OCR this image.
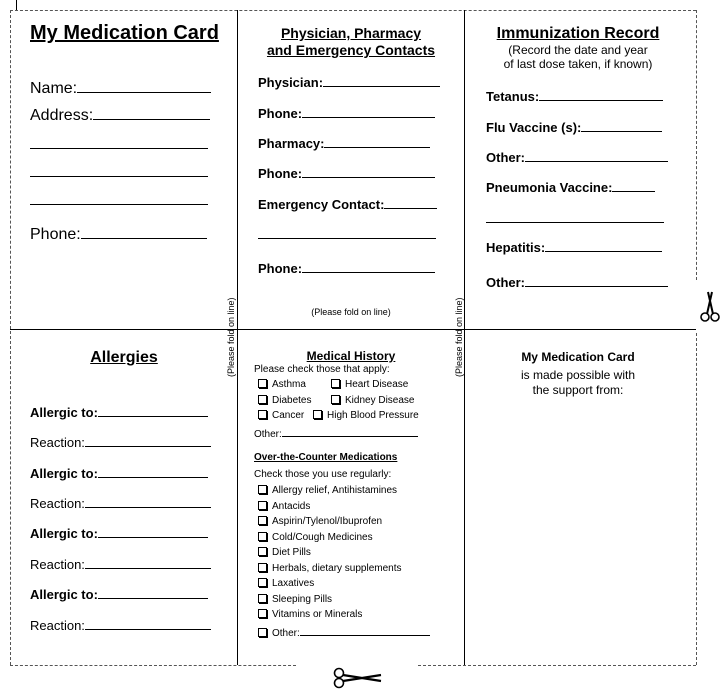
(Please fold on line)	(Please fold on line)
My Medication Card
Name:
Address:
Phone:
Physician, Pharmacy
and Emergency Contacts
Physician:
Phone:
Pharmacy:
Phone:
Emergency Contact:
Phone:
(Please fold on line)
Immunization Record
(Record the date and year
of last dose taken, if known)
Tetanus:
Flu Vaccine (s):
Other:
Pneumonia Vaccine:
Hepatitis:
Other:
Allergies
Allergic to:
Reaction:
Allergic to:
Reaction:
Allergic to:
Reaction:
Allergic to:
Reaction:
Medical History
Please check those that apply:
Asthma	Heart Disease
Diabetes	Kidney Disease
Cancer	High Blood Pressure
Other:
Over-the-Counter Medications
Check those you use regularly:
Allergy relief, Antihistamines
Antacids
Aspirin/Tylenol/Ibuprofen
Cold/Cough Medicines
Diet Pills
Herbals, dietary supplements
Laxatives
Sleeping Pills
Vitamins or Minerals
Other:
My Medication Card
is made possible with
the support from:
